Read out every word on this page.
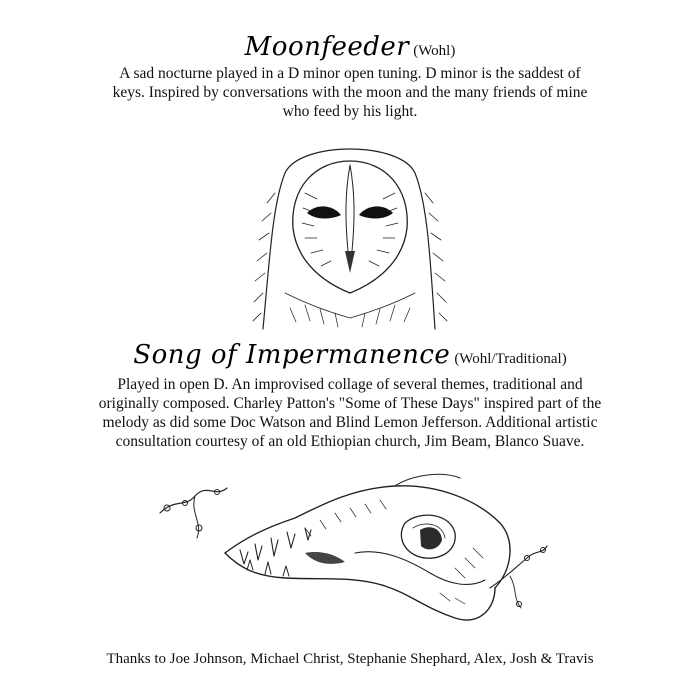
Moonfeeder (Wohl)
A sad nocturne played in a D minor open tuning. D minor is the saddest of
keys. Inspired by conversations with the moon and the many friends of mine
who feed by his light.
Song of Impermanence (Wohl/Traditional)
Played in open D. An improvised collage of several themes, traditional and
originally composed. Charley Patton's "Some of These Days" inspired part of the
melody as did some Doc Watson and Blind Lemon Jefferson. Additional artistic
consultation courtesy of an old Ethiopian church, Jim Beam, Blanco Suave.
Thanks to Joe Johnson, Michael Christ, Stephanie Shephard, Alex, Josh & Travis
